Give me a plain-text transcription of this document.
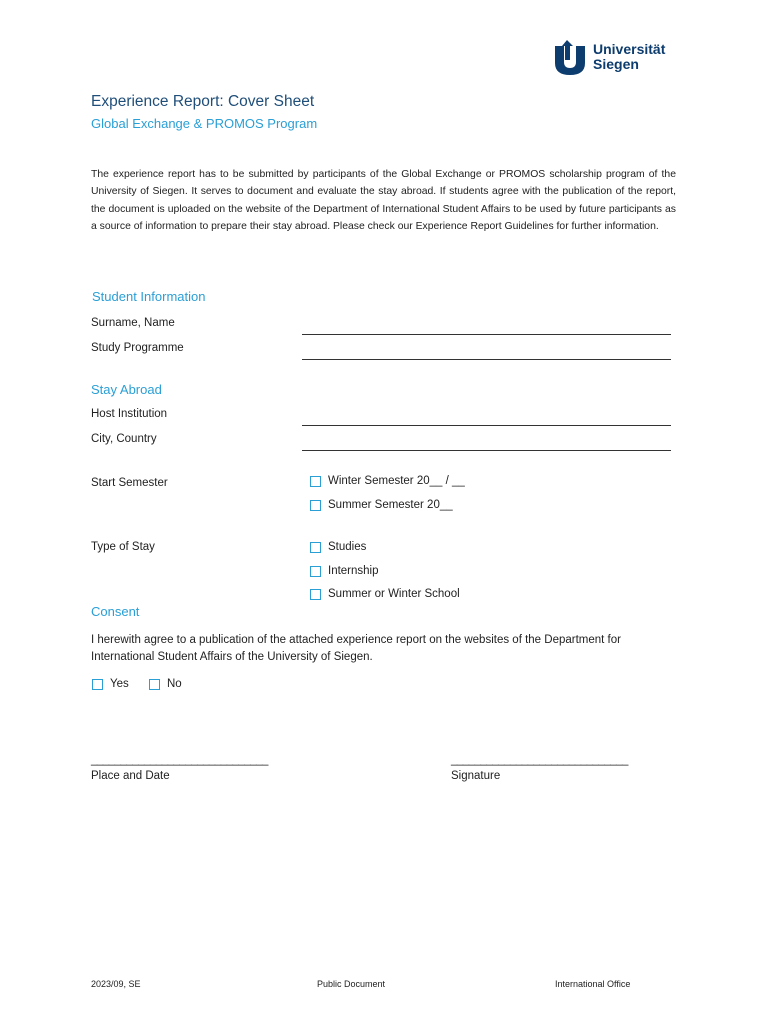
Universität
Siegen
Experience Report: Cover Sheet
Global Exchange & PROMOS Program
The experience report has to be submitted by participants of the Global Exchange or PROMOS scholarship program of the University of Siegen. It serves to document and evaluate the stay abroad. If students agree with the publication of the report, the document is uploaded on the website of the Department of International Student Affairs to be used by future participants as a source of information to prepare their stay abroad. Please check our Experience Report Guidelines for further information.
Student Information
Surname, Name
Study Programme
Stay Abroad
Host Institution
City, Country
Start Semester	Winter Semester 20__ / __
Summer Semester 20__
Type of Stay	Studies
Internship
Summer or Winter School
Consent
I herewith agree to a publication of the attached experience report on the websites of the Department for International Student Affairs of the University of Siegen.
Yes	No
______________________________
Place and Date
______________________________
Signature
2023/09, SE	Public Document	International Office
